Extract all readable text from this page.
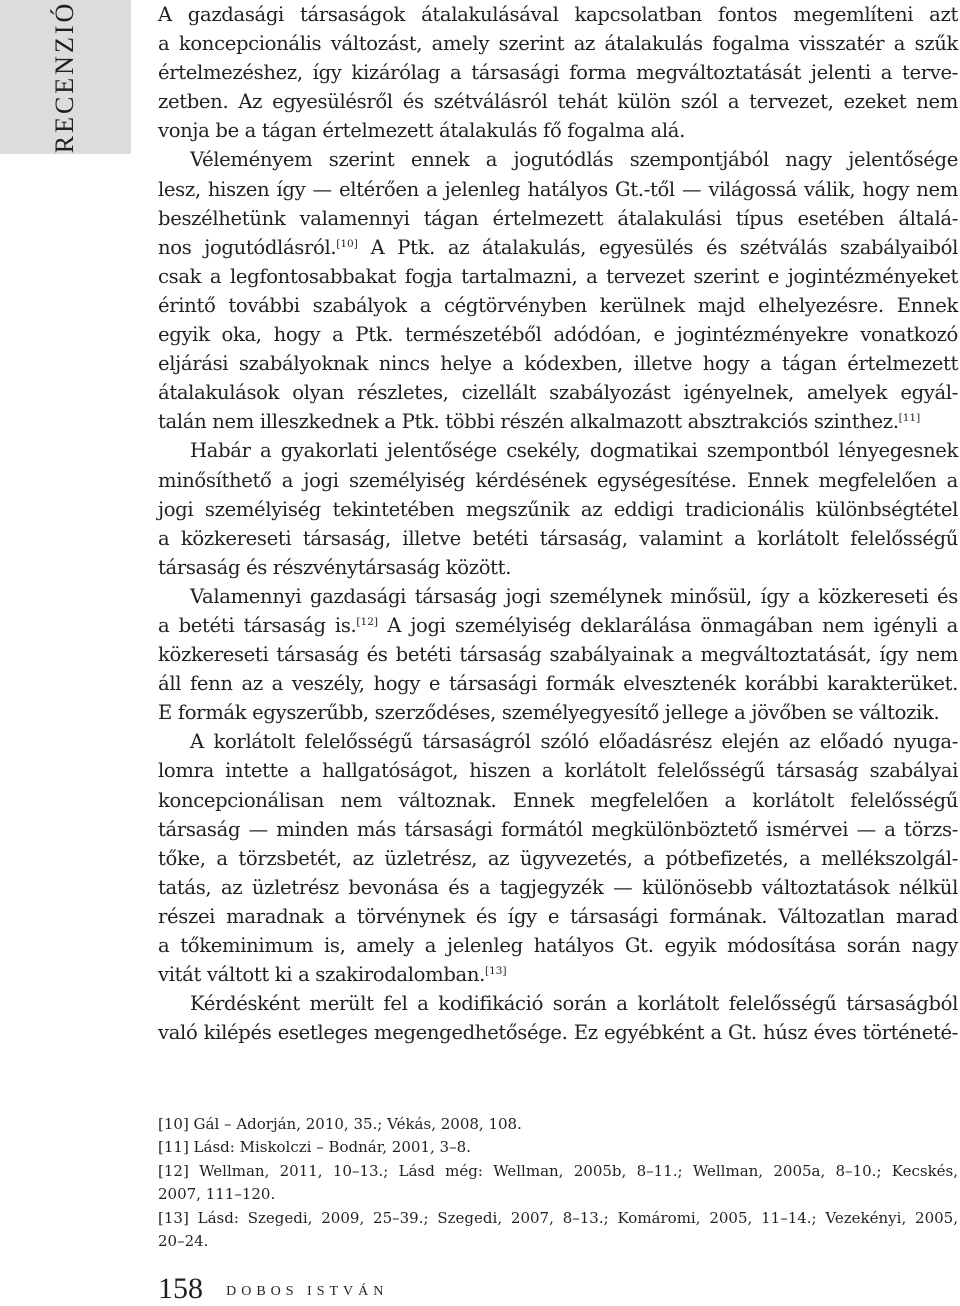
RECENZIÓ	A gazdasági társaságok átalakulásával kapcsolatban fontos megemlíteni azt
a koncepcionális változást, amely szerint az átalakulás fogalma visszatér a szűk
értelmezéshez, így kizárólag a társasági forma megváltoztatását jelenti a terve-
zetben. Az egyesülésről és szétválásról tehát külön szól a tervezet, ezeket nem
vonja be a tágan értelmezett átalakulás fő fogalma alá.
Véleményem szerint ennek a jogutódlás szempontjából nagy jelentősége
lesz, hiszen így — eltérően a jelenleg hatályos Gt.-től — világossá válik, hogy nem
beszélhetünk valamennyi tágan értelmezett átalakulási típus esetében általá-
nos jogutódlásról.[10] A Ptk. az átalakulás, egyesülés és szétválás szabályaiból
csak a legfontosabbakat fogja tartalmazni, a tervezet szerint e jogintézményeket
érintő további szabályok a cégtörvényben kerülnek majd elhelyezésre. Ennek
egyik oka, hogy a Ptk. természetéből adódóan, e jogintézményekre vonatkozó
eljárási szabályoknak nincs helye a kódexben, illetve hogy a tágan értelmezett
átalakulások olyan részletes, cizellált szabályozást igényelnek, amelyek egyál-
talán nem illeszkednek a Ptk. többi részén alkalmazott absztrakciós szinthez.[11]
Habár a gyakorlati jelentősége csekély, dogmatikai szempontból lényegesnek
minősíthető a jogi személyiség kérdésének egységesítése. Ennek megfelelően a
jogi személyiség tekintetében megszűnik az eddigi tradicionális különbségtétel
a közkereseti társaság, illetve betéti társaság, valamint a korlátolt felelősségű
társaság és részvénytársaság között.
Valamennyi gazdasági társaság jogi személynek minősül, így a közkereseti és
a betéti társaság is.[12] A jogi személyiség deklarálása önmagában nem igényli a
közkereseti társaság és betéti társaság szabályainak a megváltoztatását, így nem
áll fenn az a veszély, hogy e társasági formák elvesztenék korábbi karakterüket.
E formák egyszerűbb, szerződéses, személyegyesítő jellege a jövőben se változik.
A korlátolt felelősségű társaságról szóló előadásrész elején az előadó nyuga-
lomra intette a hallgatóságot, hiszen a korlátolt felelősségű társaság szabályai
koncepcionálisan nem változnak. Ennek megfelelően a korlátolt felelősségű
társaság — minden más társasági formától megkülönböztető ismérvei — a törzs-
tőke, a törzsbetét, az üzletrész, az ügyvezetés, a pótbefizetés, a mellékszolgál-
tatás, az üzletrész bevonása és a tagjegyzék — különösebb változtatások nélkül
részei maradnak a törvénynek és így e társasági formának. Változatlan marad
a tőkeminimum is, amely a jelenleg hatályos Gt. egyik módosítása során nagy
vitát váltott ki a szakirodalomban.[13]
Kérdésként merült fel a kodifikáció során a korlátolt felelősségű társaságból
való kilépés esetleges megengedhetősége. Ez egyébként a Gt. húsz éves történeté-
[10] Gál – Adorján, 2010, 35.; Vékás, 2008, 108.
[11] Lásd: Miskolczi – Bodnár, 2001, 3–8.
[12] Wellman, 2011, 10–13.; Lásd még: Wellman, 2005b, 8–11.; Wellman, 2005a, 8–10.; Kecskés,
2007, 111–120.
[13] Lásd: Szegedi, 2009, 25–39.; Szegedi, 2007, 8–13.; Komáromi, 2005, 11–14.; Vezekényi, 2005,
20–24.
158 DOBOS ISTVÁN
